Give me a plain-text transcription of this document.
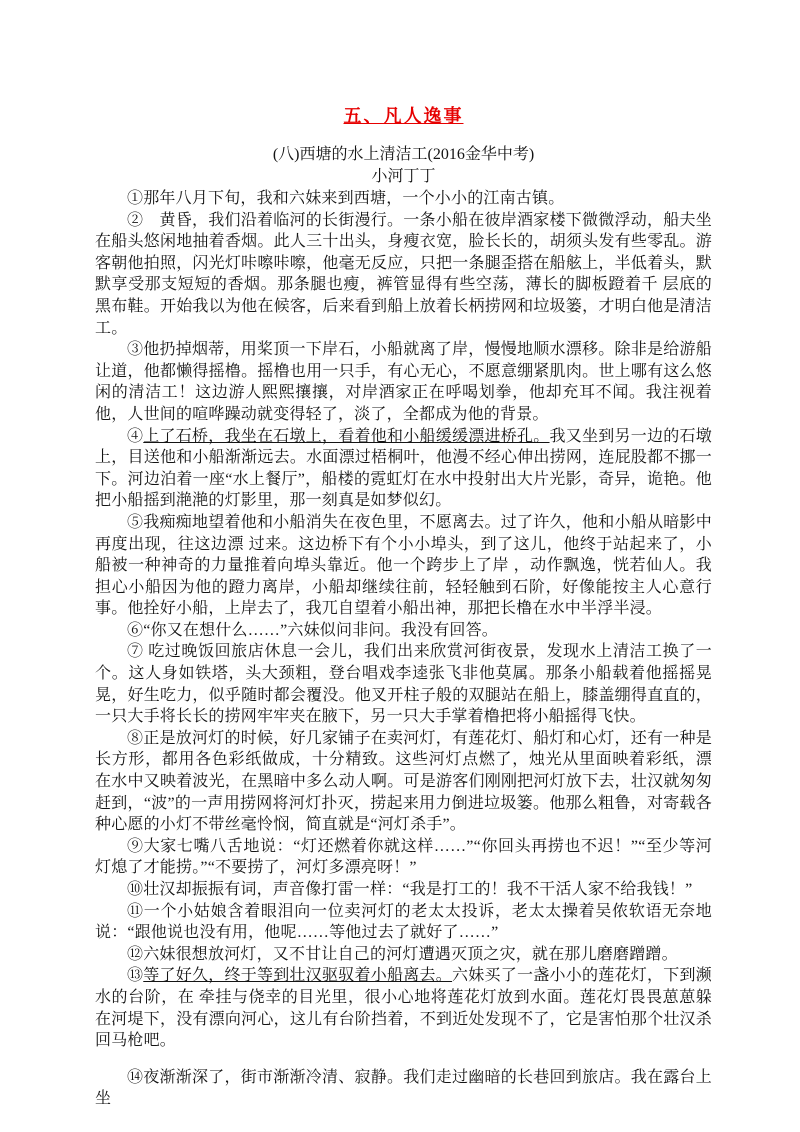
五、凡人逸事
(八)西塘的水上清洁工(2016金华中考)
小河丁丁

①那年八月下旬，我和六妹来到西塘，一个小小的江南古镇。

②　黄昏，我们沿着临河的长街漫行。一条小船在彼岸酒家楼下微微浮动，船夫坐在船头悠闲地抽着香烟。此人三十出头，身瘦衣宽，脸长长的，胡须头发有些零乱。游客朝他拍照，闪光灯咔嚓咔嚓，他毫无反应，只把一条腿歪搭在船舷上，半低着头，默默享受那支短短的香烟。那条腿也瘦，裤管显得有些空荡，薄长的脚板蹬着千 层底的黑布鞋。开始我以为他在候客，后来看到船上放着长柄捞网和垃圾篓，才明白他是清洁工。

③他扔掉烟蒂，用桨顶一下岸石，小船就离了岸，慢慢地顺水漂移。除非是给游船让道，他都懒得摇橹。摇橹也用一只手，有心无心，不愿意绷紧肌肉。世上哪有这么悠闲的清洁工！这边游人熙熙攘攘，对岸酒家正在呼喝划拳，他却充耳不闻。我注视着他，人世间的喧哗躁动就变得轻了，淡了，全都成为他的背景。

④上了石桥，我坐在石墩上，看着他和小船缓缓漂进桥孔。我又坐到另一边的石墩上，目送他和小船渐渐远去。水面漂过梧桐叶，他漫不经心伸出捞网，连屁股都不挪一下。河边泊着一座“水上餐厅”，船楼的霓虹灯在水中投射出大片光影，奇异，诡艳。他把小船摇到滟滟的灯影里，那一刻真是如梦似幻。

⑤我痴痴地望着他和小船消失在夜色里，不愿离去。过了许久，他和小船从暗影中再度出现，往这边漂 过来。这边桥下有个小小埠头，到了这儿，他终于站起来了，小船被一种神奇的力量推着向埠头靠近。他一个跨步上了岸 ，动作飘逸，恍若仙人。我担心小船因为他的蹬力离岸，小船却继续往前，轻轻触到石阶，好像能按主人心意行事。他拴好小船，上岸去了，我兀自望着小船出神，那把长橹在水中半浮半浸。

⑥“你又在想什么……”六妹似问非问。我没有回答。

⑦ 吃过晚饭回旅店休息一会儿，我们出来欣赏河街夜景，发现水上清洁工换了一个。这人身如铁塔，头大颈粗，登台唱戏李逵张飞非他莫属。那条小船载着他摇摇晃 晃，好生吃力，似乎随时都会覆没。他叉开柱子般的双腿站在船上，膝盖绷得直直的，一只大手将长长的捞网牢牢夹在腋下，另一只大手掌着橹把将小船摇得飞快。

⑧正是放河灯的时候，好几家铺子在卖河灯，有莲花灯、船灯和心灯，还有一种是长方形，都用各色彩纸做成，十分精致。这些河灯点燃了，烛光从里面映着彩纸，漂 在水中又映着波光，在黑暗中多么动人啊。可是游客们刚刚把河灯放下去，壮汉就匆匆赶到，“波”的一声用捞网将河灯扑灭，捞起来用力倒进垃圾篓。他那么粗鲁，对寄载各种心愿的小灯不带丝毫怜悯，简直就是“河灯杀手”。

⑨大家七嘴八舌地说：“灯还燃着你就这样……”“你回头再捞也不迟！”“至少等河灯熄了才能捞。”“不要捞了，河灯多漂亮呀！”

⑩壮汉却振振有词，声音像打雷一样：“我是打工的！我不干活人家不给我钱！”

⑪一个小姑娘含着眼泪向一位卖河灯的老太太投诉，老太太操着吴侬软语无奈地说：“跟他说也没有用，他呢……等他过去了就好了……”

⑫六妹很想放河灯，又不甘让自己的河灯遭遇灭顶之灾，就在那儿磨磨蹭蹭。

⑬等了好久，终于等到壮汉驱驭着小船离去。六妹买了一盏小小的莲花灯，下到濒水的台阶，在 牵挂与侥幸的目光里，很小心地将莲花灯放到水面。莲花灯畏畏葸葸躲在河堤下，没有漂向河心，这儿有台阶挡着，不到近处发现不了，它是害怕那个壮汉杀回马枪吧。

⑭夜渐渐深了，街市渐渐冷清、寂静。我们走过幽暗的长巷回到旅店。我在露台上坐
